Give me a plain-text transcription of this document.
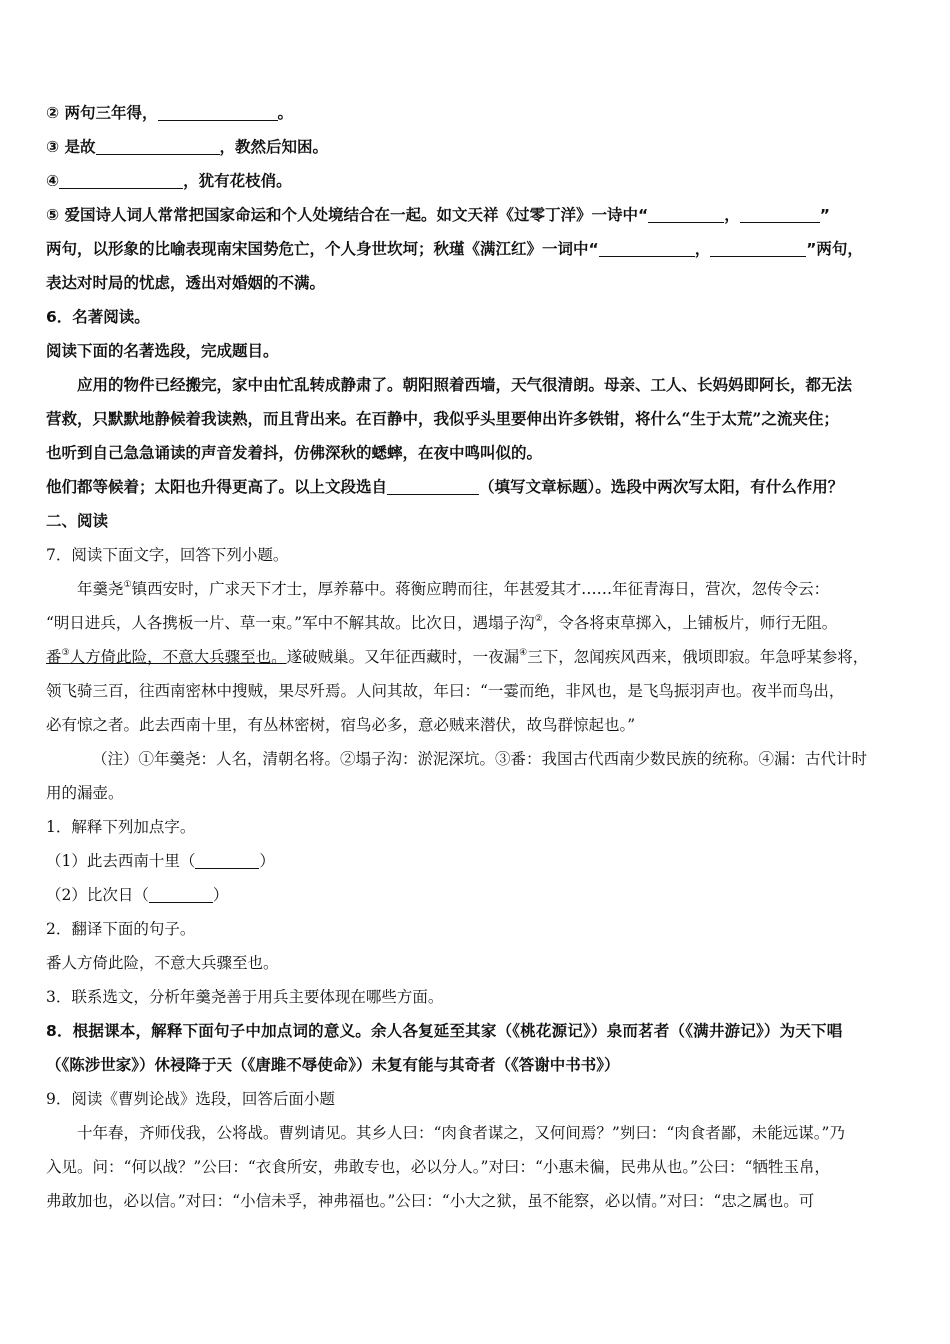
② 两句三年得，	。
③ 是故	，教然后知困。
④	，犹有花枝俏。
⑤ 爱国诗人词人常常把国家命运和个人处境结合在一起。如文天祥《过零丁洋》一诗中“	，	”
两句，以形象的比喻表现南宋国势危亡，个人身世坎坷；秋瑾《满江红》一词中“	，	”两句，
表达对时局的忧虑，透出对婚姻的不满。
6．名著阅读。
阅读下面的名著选段，完成题目。
应用的物件已经搬完，家中由忙乱转成静肃了。朝阳照着西墙，天气很清朗。母亲、工人、长妈妈即阿长，都无法
营救，只默默地静候着我读熟，而且背出来。在百静中，我似乎头里要伸出许多铁钳，将什么“生于太荒”之流夹住；
也听到自己急急诵读的声音发着抖，仿佛深秋的蟋蟀，在夜中鸣叫似的。
他们都等候着；太阳也升得更高了。以上文段选自	（填写文章标题）。选段中两次写太阳，有什么作用？
二、阅读
7．阅读下面文字，回答下列小题。
年羹尧①镇西安时，广求天下才士，厚养幕中。蒋衡应聘而往，年甚爱其才……年征青海日，营次，忽传令云：
“明日进兵，人各携板一片、草一束。”军中不解其故。比次日，遇塌子沟②，令各将束草掷入，上铺板片，师行无阻。
番③人方倚此险，不意大兵骤至也。遂破贼巢。又年征西藏时，一夜漏④三下，忽闻疾风西来，俄顷即寂。年急呼某参将，
领飞骑三百，往西南密林中搜贼，果尽歼焉。人问其故，年曰：“一霎而绝，非风也，是飞鸟振羽声也。夜半而鸟出，
必有惊之者。此去西南十里，有丛林密树，宿鸟必多，意必贼来潜伏，故鸟群惊起也。”
（注）①年羹尧：人名，清朝名将。②塌子沟：淤泥深坑。③番：我国古代西南少数民族的统称。④漏：古代计时
用的漏壶。
1．解释下列加点字。
（1）此去西南十里（	）
（2）比次日（	）
2．翻译下面的句子。
番人方倚此险，不意大兵骤至也。
3．联系选文，分析年羹尧善于用兵主要体现在哪些方面。
8．根据课本，解释下面句子中加点词的意义。余人各复延至其家（《桃花源记》）泉而茗者（《满井游记》）为天下唱
（《陈涉世家》）休祲降于天（《唐雎不辱使命》）未复有能与其奇者（《答谢中书书》）
9．阅读《曹刿论战》选段，回答后面小题
十年春，齐师伐我，公将战。曹刿请见。其乡人曰：“肉食者谋之，又何间焉？”刿曰：“肉食者鄙，未能远谋。”乃
入见。问：“何以战？”公曰：“衣食所安，弗敢专也，必以分人。”对曰：“小惠未徧，民弗从也。”公曰：“牺牲玉帛，
弗敢加也，必以信。”对曰：“小信未孚，神弗福也。”公曰：“小大之狱，虽不能察，必以情。”对曰：“忠之属也。可
